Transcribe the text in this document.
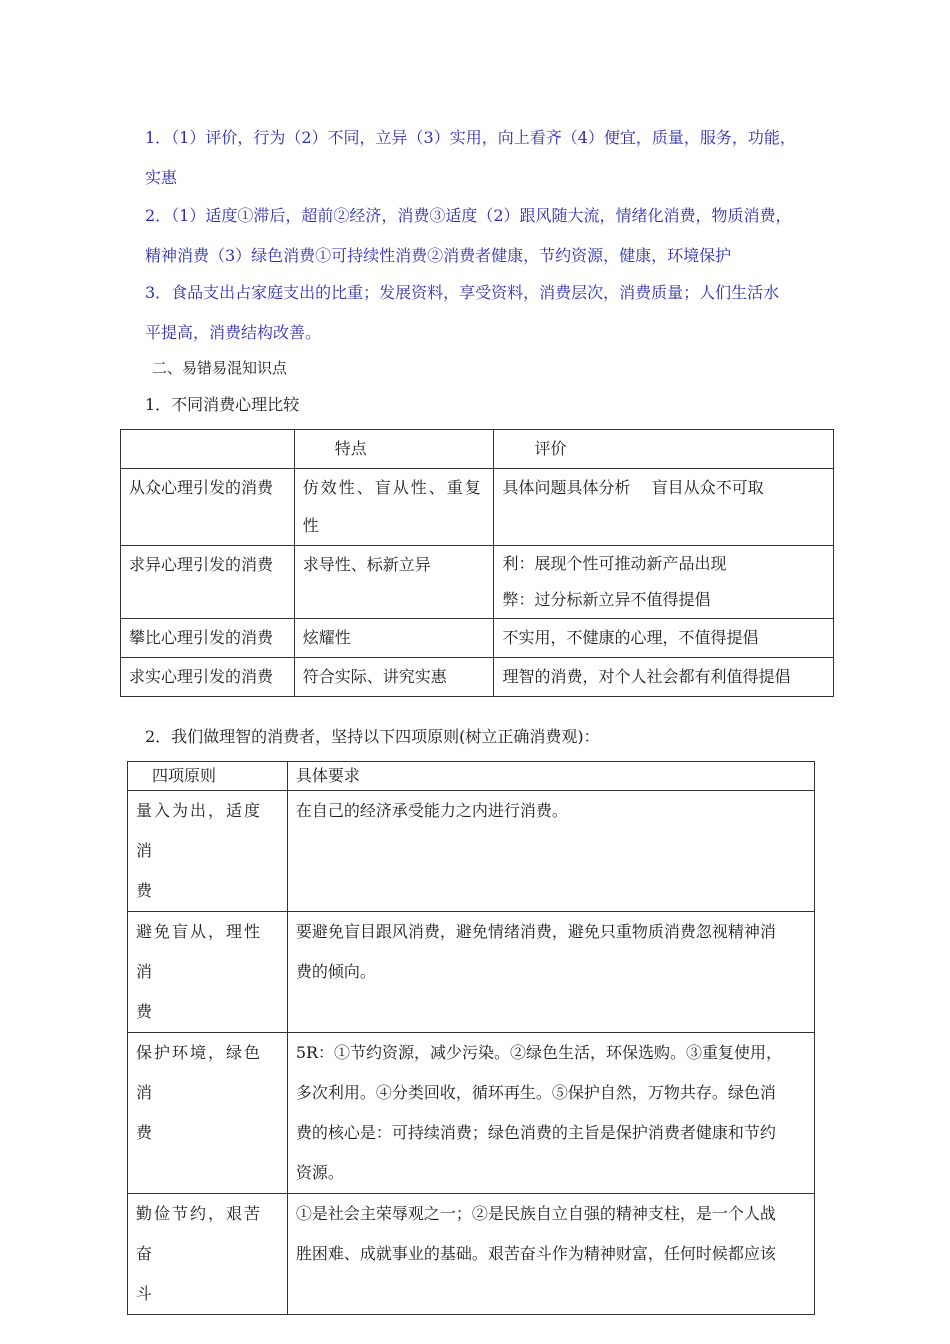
1．（1）评价，行为（2）不同，立异（3）实用，向上看齐（4）便宜，质量，服务，功能，
实惠
2．（1）适度①滞后，超前②经济，消费③适度（2）跟风随大流，情绪化消费，物质消费，
精神消费（3）绿色消费①可持续性消费②消费者健康，节约资源，健康，环境保护
3．食品支出占家庭支出的比重；发展资料，享受资料，消费层次，消费质量；人们生活水
平提高，消费结构改善。
二、易错易混知识点
1．不同消费心理比较
	特点	评价
从众心理引发的消费	仿效性、盲从性、重复
性	具体问题具体分析　 盲目从众不可取

求异心理引发的消费	求导性、标新立异	利：展现个性可推动新产品出现
弊：过分标新立异不值得提倡

攀比心理引发的消费	炫耀性	不实用，不健康的心理，不值得提倡

求实心理引发的消费	符合实际、讲究实惠	理智的消费，对个人社会都有利值得提倡
2．我们做理智的消费者，坚持以下四项原则(树立正确消费观)：
四项原则	具体要求

量入为出，适度消
费	在自己的经济承受能力之内进行消费。

避免盲从，理性消
费	要避免盲目跟风消费，避免情绪消费，避免只重物质消费忽视精神消
费的倾向。

保护环境，绿色消
费	5R：①节约资源，减少污染。②绿色生活，环保选购。③重复使用，
多次利用。④分类回收，循环再生。⑤保护自然，万物共存。绿色消
费的核心是：可持续消费；绿色消费的主旨是保护消费者健康和节约
资源。

勤俭节约，艰苦奋
斗	①是社会主荣辱观之一；②是民族自立自强的精神支柱，是一个人战
胜困难、成就事业的基础。艰苦奋斗作为精神财富，任何时候都应该
